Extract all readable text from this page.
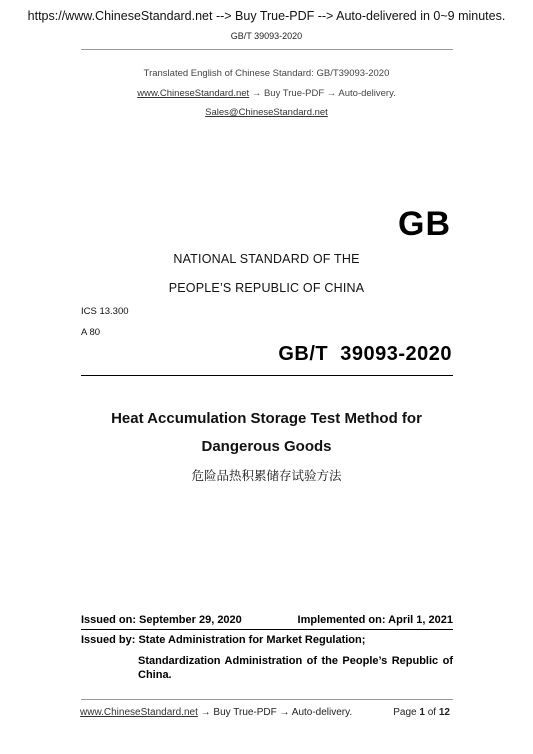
https://www.ChineseStandard.net --> Buy True-PDF --> Auto-delivered in 0~9 minutes.
GB/T 39093-2020
Translated English of Chinese Standard: GB/T39093-2020
www.ChineseStandard.net → Buy True-PDF → Auto-delivery.
Sales@ChineseStandard.net
GB
NATIONAL STANDARD OF THE
PEOPLE’S REPUBLIC OF CHINA
ICS 13.300
A 80
GB/T  39093-2020
Heat Accumulation Storage Test Method for
Dangerous Goods
危险品热积累储存试验方法
Issued on: September 29, 2020	Implemented on: April 1, 2021
Issued by: State Administration for Market Regulation;
Standardization Administration of the People’s Republic of China.
www.ChineseStandard.net → Buy True-PDF → Auto-delivery.	Page 1 of 12
